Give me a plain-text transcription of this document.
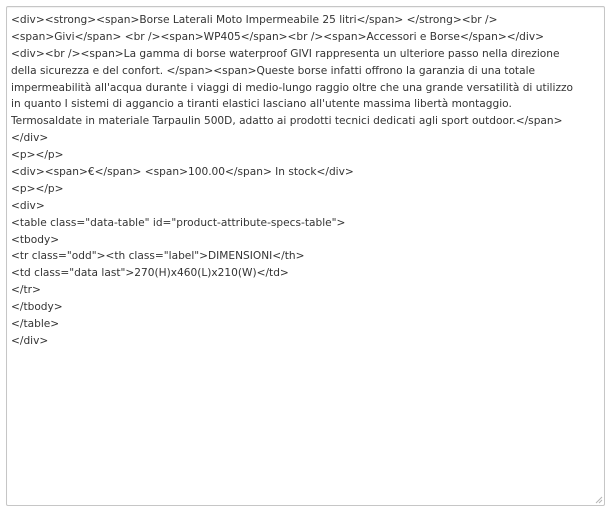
<div><strong><span>Borse Laterali Moto Impermeabile 25 litri</span> </strong><br />
<span>Givi</span> <br /><span>WP405</span><br /><span>Accessori e Borse</span></div>
<div><br /><span>La gamma di borse waterproof GIVI rappresenta un ulteriore passo nella direzione
della sicurezza e del confort. </span><span>Queste borse infatti offrono la garanzia di una totale
impermeabilità all'acqua durante i viaggi di medio-lungo raggio oltre che una grande versatilità di utilizzo
in quanto I sistemi di aggancio a tiranti elastici lasciano all'utente massima libertà montaggio.
Termosaldate in materiale Tarpaulin 500D, adatto ai prodotti tecnici dedicati agli sport outdoor.</span>
</div>
<p></p>
<div><span>€</span> <span>100.00</span> In stock</div>
<p></p>
<div>
<table class="data-table" id="product-attribute-specs-table">
<tbody>
<tr class="odd"><th class="label">DIMENSIONI</th>
<td class="data last">270(H)x460(L)x210(W)</td>
</tr>
</tbody>
</table>
</div>
